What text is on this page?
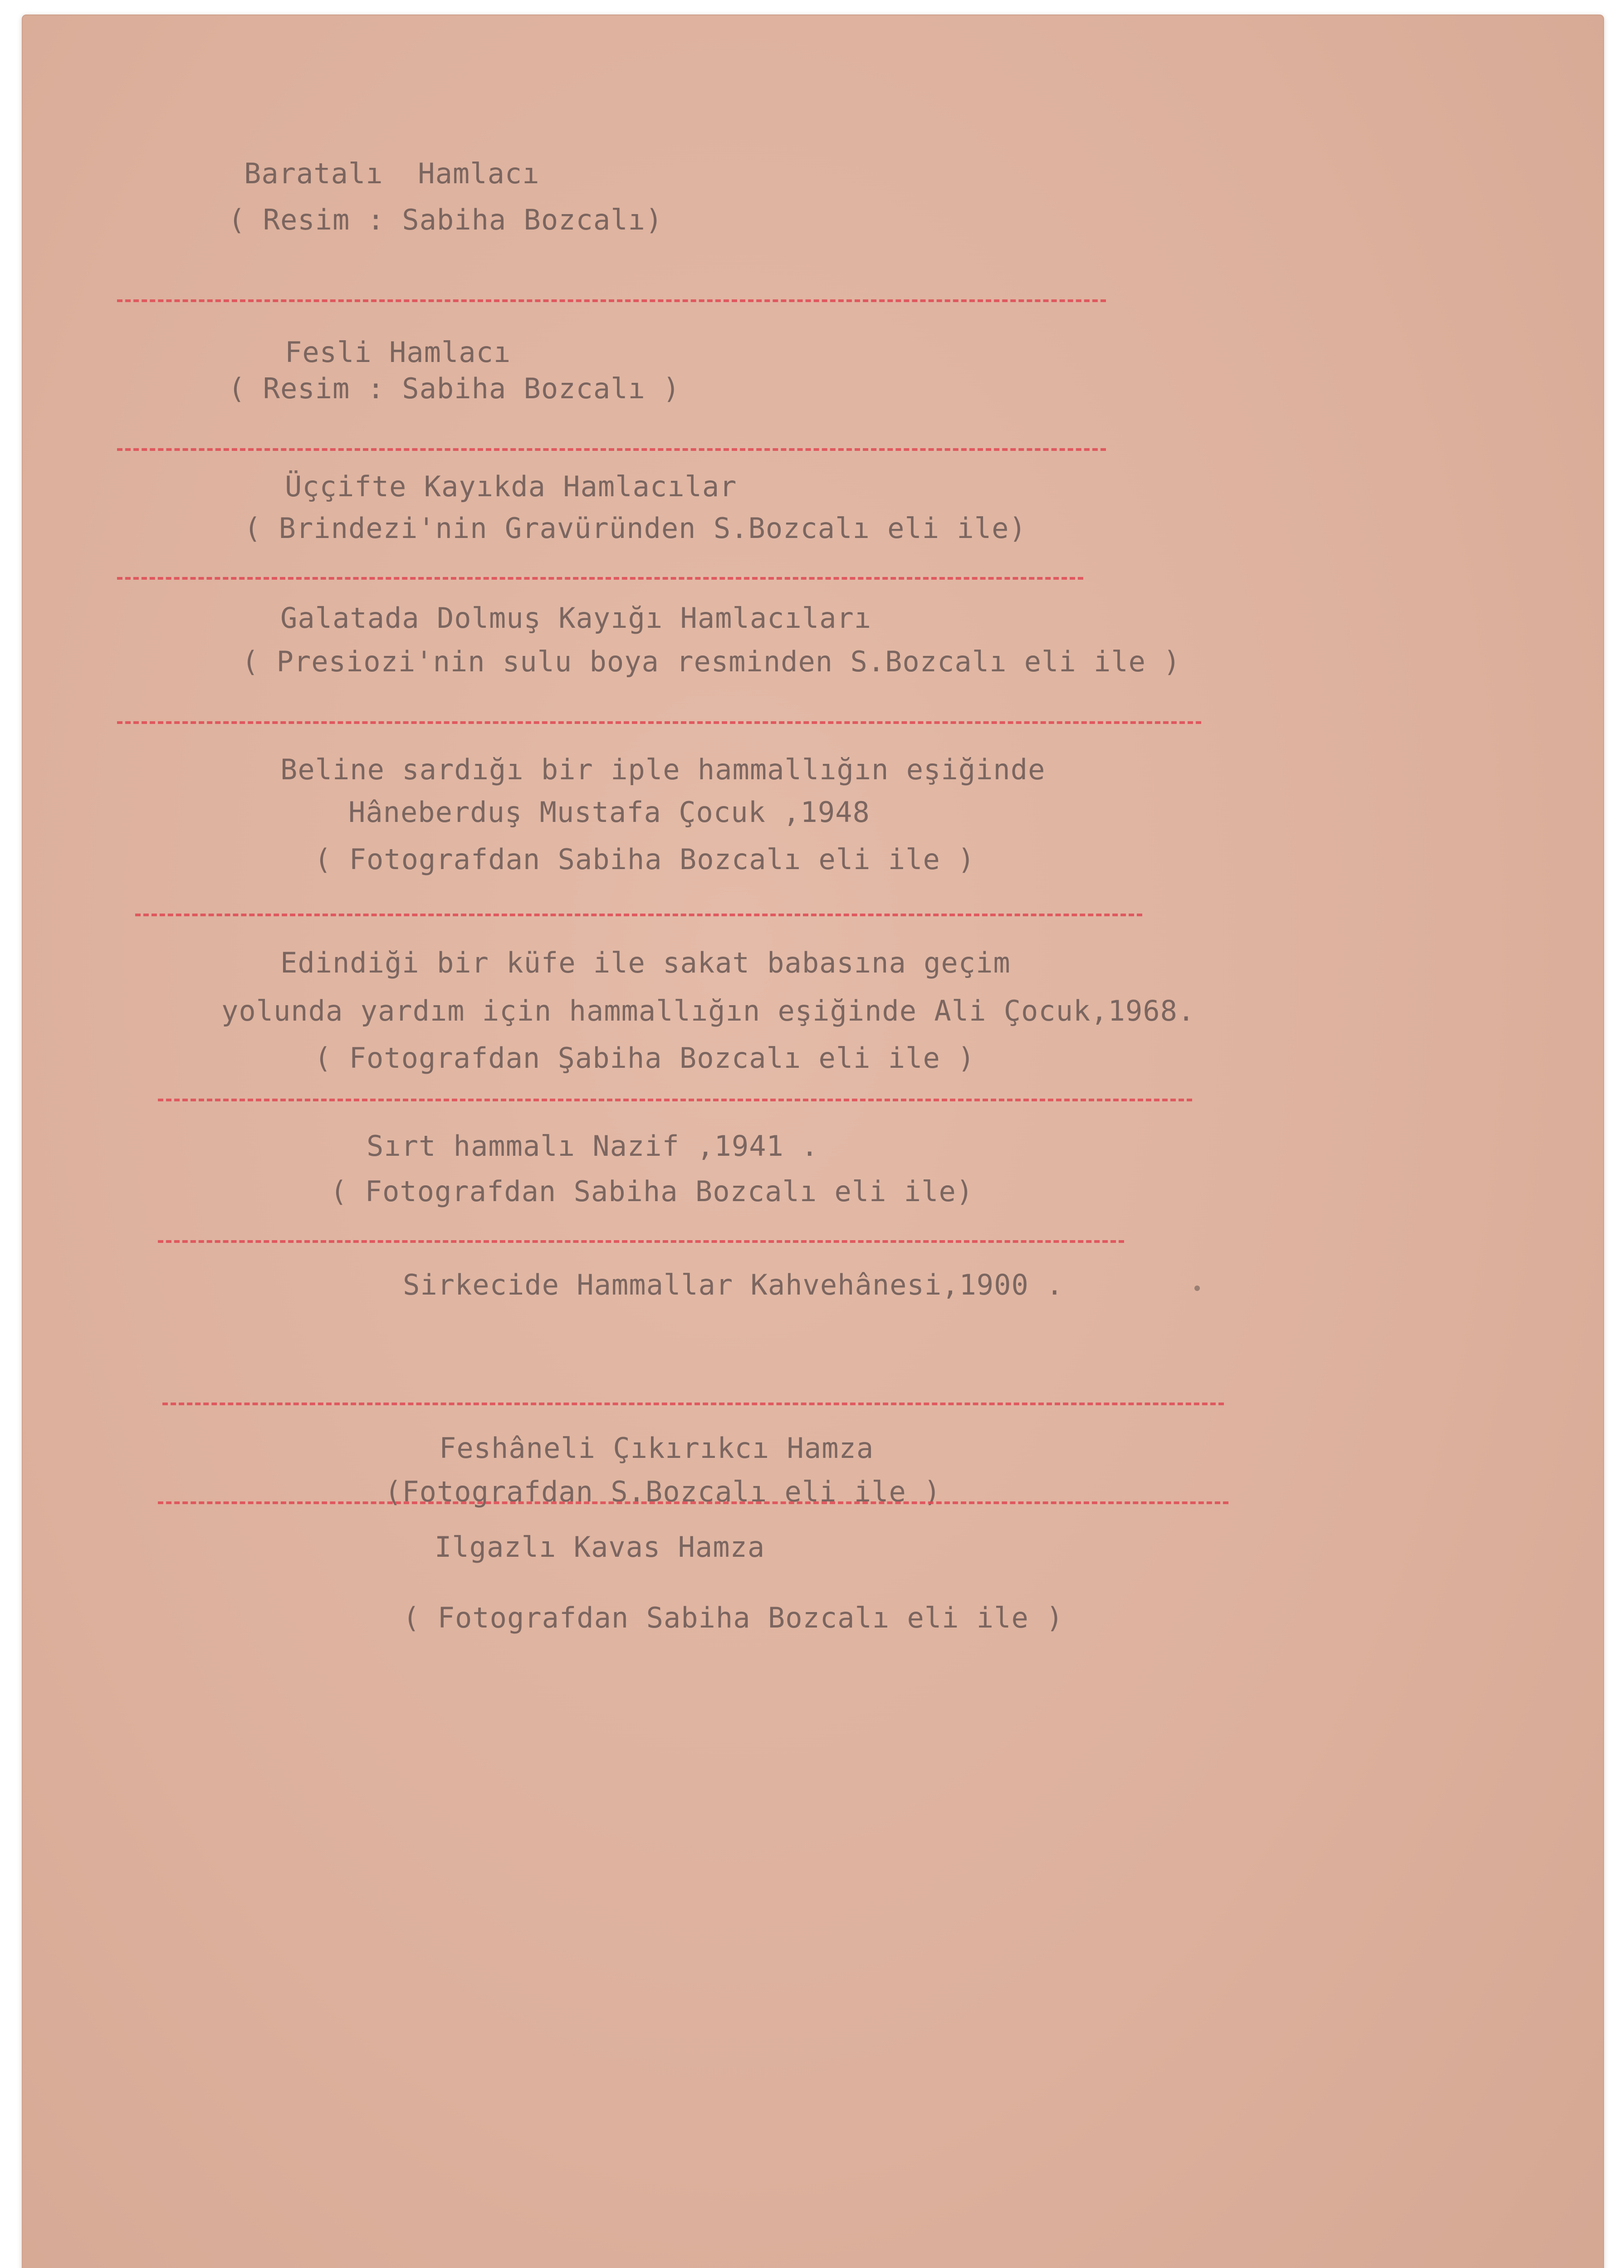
Baratalı  Hamlacı
( Resim : Sabiha Bozcalı)
Fesli Hamlacı
( Resim : Sabiha Bozcalı )
Üççifte Kayıkda Hamlacılar
( Brindezi'nin Gravüründen S.Bozcalı eli ile)
Galatada Dolmuş Kayığı Hamlacıları
( Presiozi'nin sulu boya resminden S.Bozcalı eli ile )
Beline sardığı bir iple hammallığın eşiğinde
Hâneberduş Mustafa Çocuk ,1948
( Fotografdan Sabiha Bozcalı eli ile )
Edindiği bir küfe ile sakat babasına geçim
yolunda yardım için hammallığın eşiğinde Ali Çocuk,1968.
( Fotografdan Şabiha Bozcalı eli ile )
Sırt hammalı Nazif ,1941 .
( Fotografdan Sabiha Bozcalı eli ile)
Sirkecide Hammallar Kahvehânesi,1900 .
Feshâneli Çıkırıkcı Hamza
(Fotografdan S.Bozcalı eli ile )
Ilgazlı Kavas Hamza
( Fotografdan Sabiha Bozcalı eli ile )
